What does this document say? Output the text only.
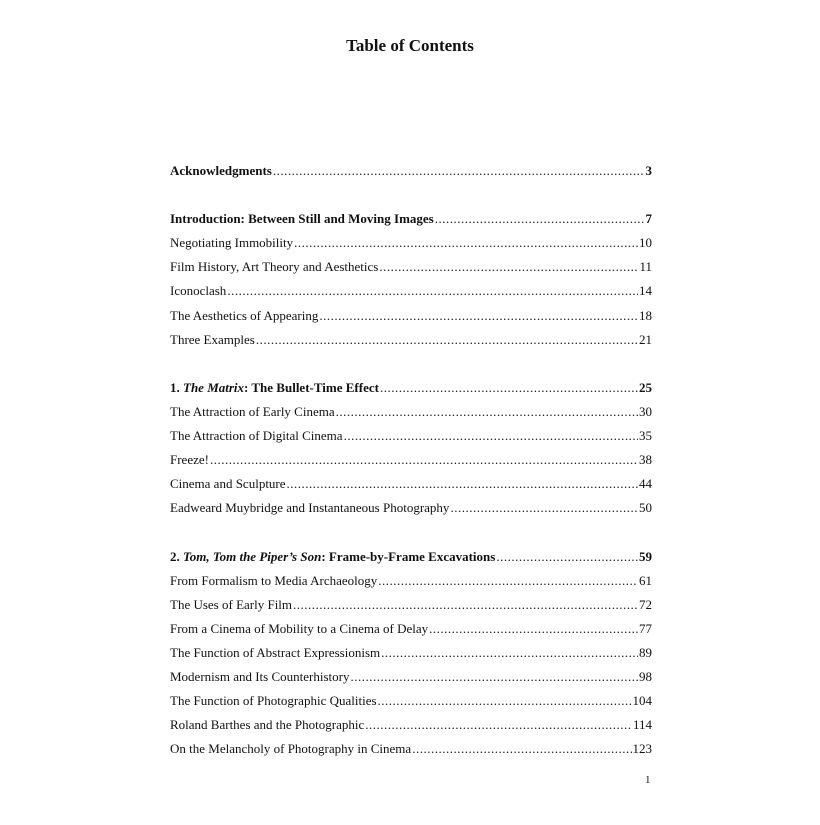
Table of Contents
Acknowledgments .....	3
Introduction: Between Still and Moving Images .....	7
Negotiating Immobility .....	10
Film History, Art Theory and Aesthetics .....	11
Iconoclash .....	14
The Aesthetics of Appearing .....	18
Three Examples .....	21
1. The Matrix: The Bullet-Time Effect .....	25
The Attraction of Early Cinema .....	30
The Attraction of Digital Cinema .....	35
Freeze! .....	38
Cinema and Sculpture .....	44
Eadweard Muybridge and Instantaneous Photography .....	50
2. Tom, Tom the Piper’s Son: Frame-by-Frame Excavations .....	59
From Formalism to Media Archaeology .....	61
The Uses of Early Film .....	72
From a Cinema of Mobility to a Cinema of Delay .....	77
The Function of Abstract Expressionism .....	89
Modernism and Its Counterhistory .....	98
The Function of Photographic Qualities .....	104
Roland Barthes and the Photographic .....	114
On the Melancholy of Photography in Cinema .....	123
1
